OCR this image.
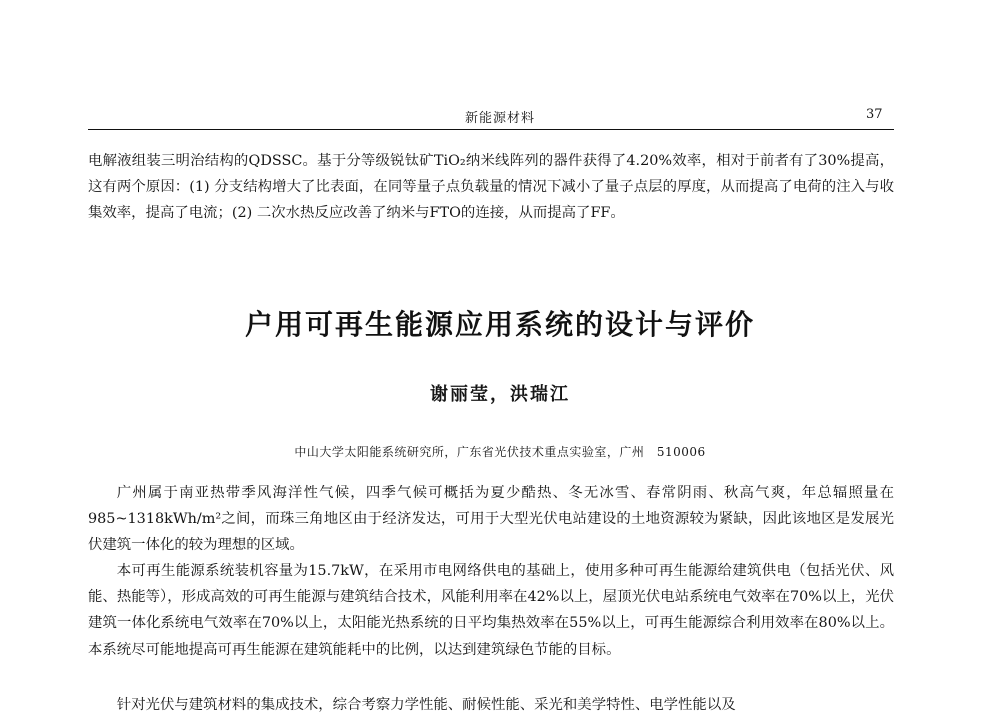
新能源材料	37

电解液组装三明治结构的QDSSC。基于分等级锐钛矿TiO₂纳米线阵列的器件获得了4.20%效率，相对于前者有了30%提高，这有两个原因：(1) 分支结构增大了比表面，在同等量子点负载量的情况下减小了量子点层的厚度，从而提高了电荷的注入与收集效率，提高了电流；(2) 二次水热反应改善了纳米与FTO的连接，从而提高了FF。

户用可再生能源应用系统的设计与评价
谢丽莹，洪瑞江
中山大学太阳能系统研究所，广东省光伏技术重点实验室，广州　510006

广州属于南亚热带季风海洋性气候，四季气候可概括为夏少酷热、冬无冰雪、春常阴雨、秋高气爽，年总辐照量在985~1318kWh/m²之间，而珠三角地区由于经济发达，可用于大型光伏电站建设的土地资源较为紧缺，因此该地区是发展光伏建筑一体化的较为理想的区域。

本可再生能源系统装机容量为15.7kW，在采用市电网络供电的基础上，使用多种可再生能源给建筑供电（包括光伏、风能、热能等），形成高效的可再生能源与建筑结合技术，风能利用率在42%以上，屋顶光伏电站系统电气效率在70%以上，光伏建筑一体化系统电气效率在70%以上，太阳能光热系统的日平均集热效率在55%以上，可再生能源综合利用效率在80%以上。本系统尽可能地提高可再生能源在建筑能耗中的比例，以达到建筑绿色节能的目标。

针对光伏与建筑材料的集成技术，综合考察力学性能、耐候性能、采光和美学特性、电学性能以及
